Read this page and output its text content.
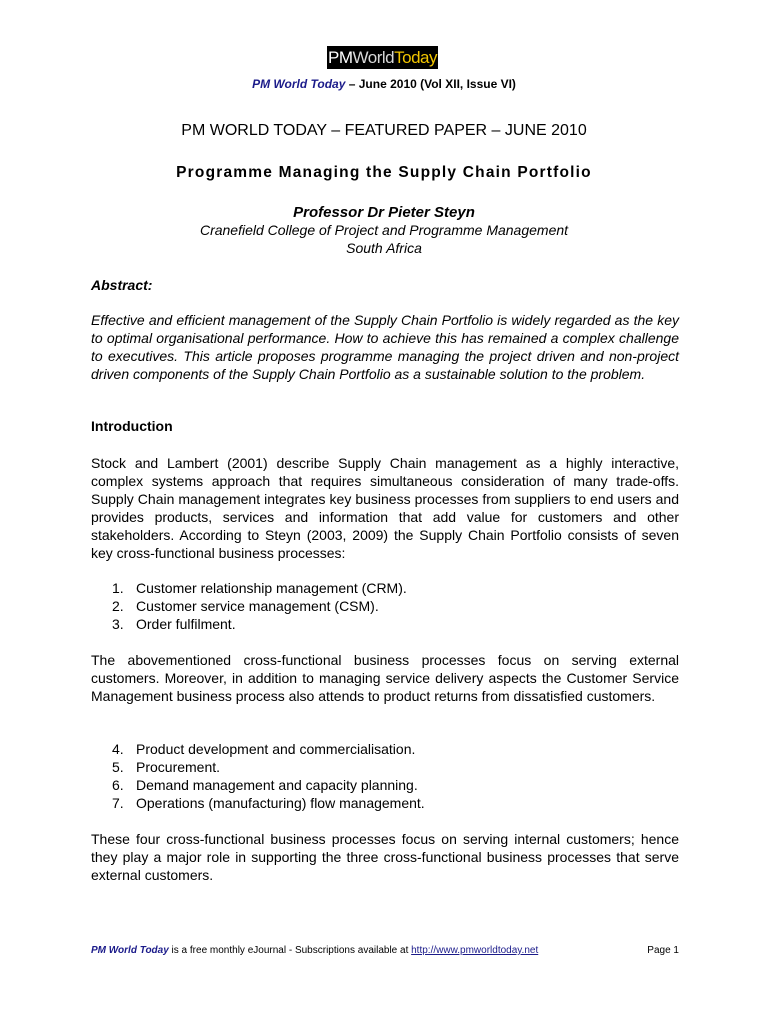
PM World Today
PM World Today – June 2010 (Vol XII, Issue VI)
PM WORLD TODAY – FEATURED PAPER – JUNE 2010
Programme Managing the Supply Chain Portfolio
Professor Dr Pieter Steyn
Cranefield College of Project and Programme Management
South Africa
Abstract:

Effective and efficient management of the Supply Chain Portfolio is widely regarded as the key to optimal organisational performance. How to achieve this has remained a complex challenge to executives. This article proposes programme managing the project driven and non-project driven components of the Supply Chain Portfolio as a sustainable solution to the problem.

Introduction

Stock and Lambert (2001) describe Supply Chain management as a highly interactive, complex systems approach that requires simultaneous consideration of many trade-offs. Supply Chain management integrates key business processes from suppliers to end users and provides products, services and information that add value for customers and other stakeholders. According to Steyn (2003, 2009) the Supply Chain Portfolio consists of seven key cross-functional business processes:

1. Customer relationship management (CRM).
2. Customer service management (CSM).
3. Order fulfilment.

The abovementioned cross-functional business processes focus on serving external customers. Moreover, in addition to managing service delivery aspects the Customer Service Management business process also attends to product returns from dissatisfied customers.

4. Product development and commercialisation.
5. Procurement.
6. Demand management and capacity planning.
7. Operations (manufacturing) flow management.

These four cross-functional business processes focus on serving internal customers; hence they play a major role in supporting the three cross-functional business processes that serve external customers.

PM World Today is a free monthly eJournal - Subscriptions available at http://www.pmworldtoday.net	Page 1
